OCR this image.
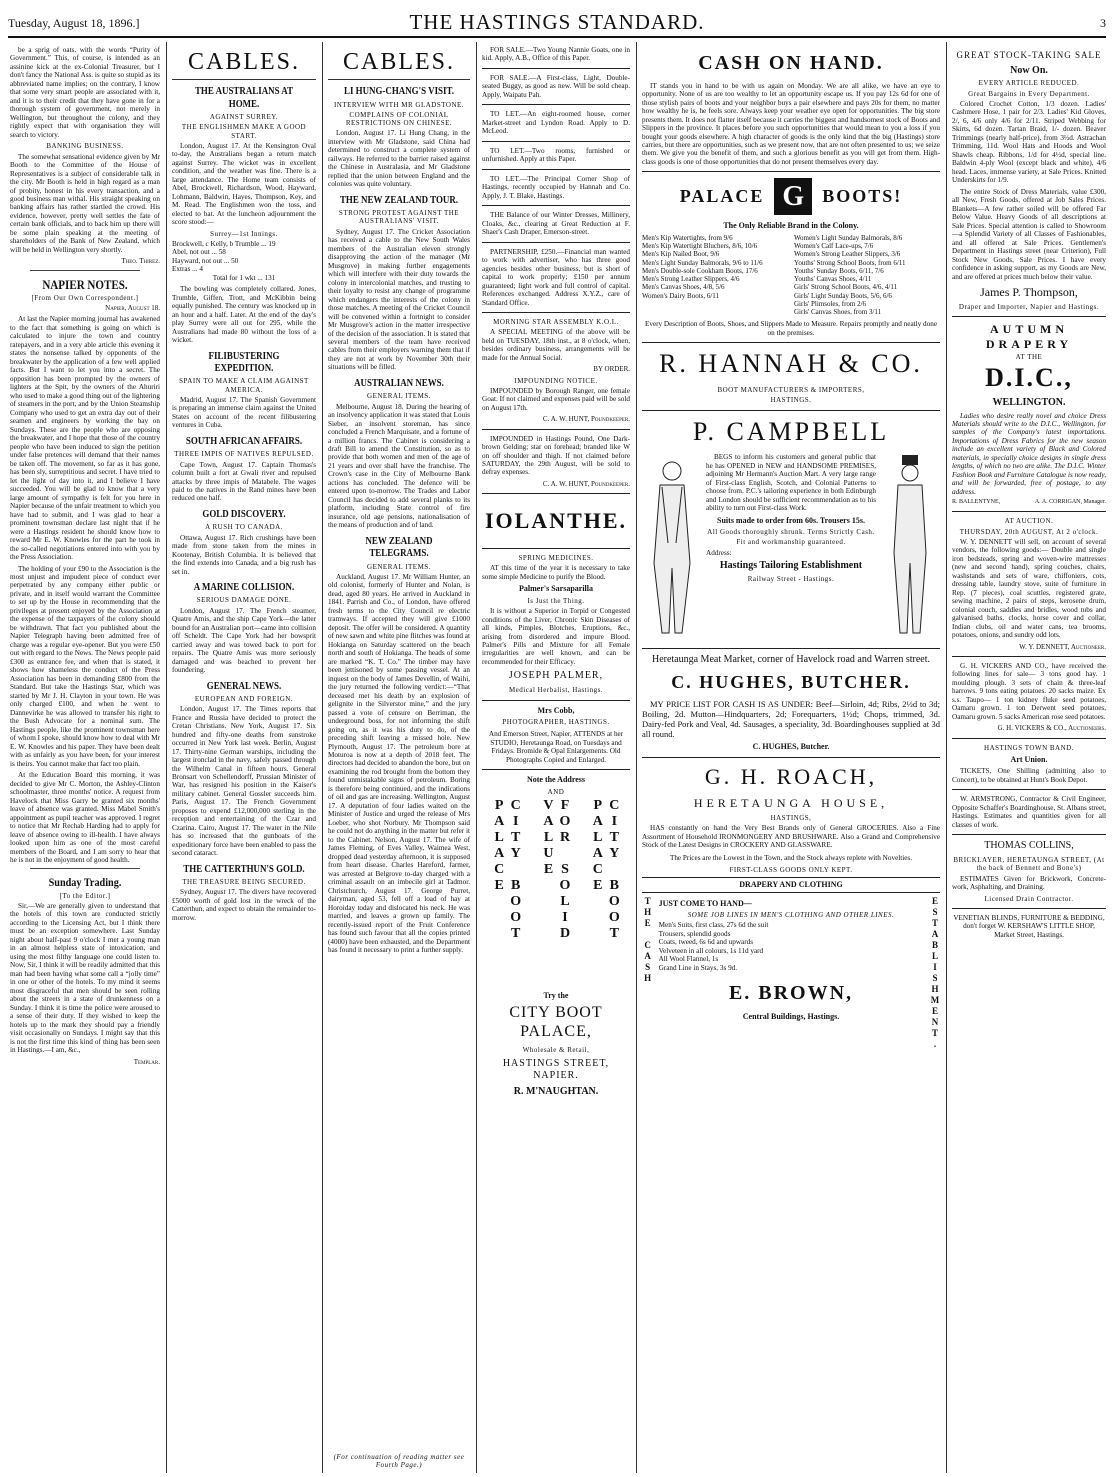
Tuesday, August 18, 1896.]	THE HASTINGS STANDARD.	3

be a sprig of oats, with the words “Purity of Government.” This, of course, is intended as an assinine kick at the ex-Colonial Treasurer, but I don't fancy the National Ass. is quite so stupid as its abbreviated name implies; on the contrary, I know that some very smart people are associated with it, and it is to their credit that they have gone in for a thorough system of government, not merely in Wellington, but throughout the colony, and they rightly expect that with organisation they will search to victory.

BANKING BUSINESS.

The somewhat sensational evidence given by Mr Booth to the Committee of the House of Representatives is a subject of considerable talk in the city. Mr Booth is held in high regard as a man of probity, honest in his every transaction, and a good business man withal. His straight speaking on banking affairs has rather startled the crowd. His evidence, however, pretty well settles the fate of certain bank officials, and to back him up there will be some plain speaking at the meeting of shareholders of the Bank of New Zealand, which will be held in Wellington very shortly.

Theo. Thirez.
NAPIER NOTES.
[From Our Own Correspondent.]
Napier, August 18.

At last the Napier morning journal has awakened to the fact that something is going on which is calculated to injure the town and country ratepayers, and in a very able article this evening it states the nonsense talked by opponents of the breakwater by the application of a few well applied facts. But I want to let you into a secret. The opposition has been prompted by the owners of lighters at the Spit, by the owners of the Ahuriri who used to make a good thing out of the lightering of steamers in the port, and by the Union Steamship Company who used to get an extra day out of their seamen and engineers by working the bay on Sundays. These are the people who are opposing the breakwater, and I hope that those of the country people who have been induced to sign the petition under false pretences will demand that their names be taken off. The movement, so far as it has gone, has been sly, surreptitious and secret. I have tried to let the light of day into it, and I believe I have succeeded. You will be glad to know that a very large amount of sympathy is felt for you here in Napier because of the unfair treatment to which you have had to submit, and I was glad to hear a prominent townsman declare last night that if he were a Hastings resident he should know how to reward Mr E. W. Knowles for the part he took in the so-called negotiations entered into with you by the Press Association.

The holding of your £90 to the Association is the most unjust and impudent piece of conduct ever perpetrated by any company either public or private, and in itself would warrant the Committee to set up by the House in recommending that the privileges at present enjoyed by the Association at the expense of the taxpayers of the colony should be withdrawn. That fact you published about the Napier Telegraph having been admitted free of charge was a regular eye-opener. But you were £50 out with regard to the News. The News people paid £300 as entrance fee, and when that is stated, it shows how shameless the conduct of the Press Association has been in demanding £800 from the Standard. But take the Hastings Star, which was started by Mr J. H. Clayton in your town. He was only charged £100, and when he went to Dannevirke he was allowed to transfer his right to the Bush Advocate for a nominal sum. The Hastings people, like the prominent townsman here of whom I spoke, should know how to deal with Mr E. W. Knowles and his paper. They have been dealt with as unfairly as you have been, for your interest is theirs. You cannot make that fact too plain.

At the Education Board this morning, it was decided to give Mr C. Morton, the Ashley-Clinton schoolmaster, three months' notice. A request from Havelock that Miss Garry be granted six months' leave of absence was granted. Miss Mabel Smith's appointment as pupil teacher was approved. I regret to notice that Mr Rechab Harding had to apply for leave of absence owing to ill-health. I have always looked upon him as one of the most careful members of the Board, and I am sorry to hear that he is not in the enjoyment of good health.

Sunday Trading.
[To the Editor.]

Sir,—We are generally given to understand that the hotels of this town are conducted strictly according to the Licensing Act, but I think there must be an exception somewhere. Last Sunday night about half-past 9 o'clock I met a young man in an almost helpless state of intoxication, and using the most filthy language one could listen to. Now, Sir, I think it will be readily admitted that this man had been having what some call a “jolly time” in one or other of the hotels. To my mind it seems most disgraceful that men should be seen rolling about the streets in a state of drunkenness on a Sunday. I think it is time the police were aroused to a sense of their duty. If they wished to keep the hotels up to the mark they should pay a friendly visit occasionally on Sundays. I might say that this is not the first time this kind of thing has been seen in Hastings.—I am, &c.,

Templar.
CABLES.
THE AUSTRALIANS AT HOME.
AGAINST SURREY.
THE ENGLISHMEN MAKE A GOOD START.

London, August 17. At the Kensington Oval to-day, the Australians began a return match against Surrey. The wicket was in excellent condition, and the weather was fine. There is a large attendance. The Home team consists of Abel, Brockwell, Richardson, Wood, Hayward, Lohmann, Baldwin, Hayes, Thompson, Key, and M. Read. The Englishmen won the toss, and elected to bat. At the luncheon adjournment the score stood:—

Surrey—1st Innings.
Brockwell, c Kelly, b Trumble ... 19
Abel, not out ... 58
Hayward, not out ... 50
Extras ... 4
Total for 1 wkt ... 131

The bowling was completely collared. Jones, Trumble, Giffen, Trott, and McKibbin being equally punished. The century was knocked up in an hour and a half. Later. At the end of the day's play Surrey were all out for 295, while the Australians had made 80 without the loss of a wicket.

FILIBUSTERING EXPEDITION.
SPAIN TO MAKE A CLAIM AGAINST AMERICA.

Madrid, August 17. The Spanish Government is preparing an immense claim against the United States on account of the recent filibustering ventures in Cuba.

SOUTH AFRICAN AFFAIRS.
THREE IMPIS OF NATIVES REPULSED.

Cape Town, August 17. Captain Thomas's column built a fort at Gwali river and repulsed attacks by three impis of Matabele. The wages paid to the natives in the Rand mines have been reduced one half.

GOLD DISCOVERY.
A RUSH TO CANADA.

Ottawa, August 17. Rich crushings have been made from stone taken from the mines in Kootenay, British Columbia. It is believed that the find extends into Canada, and a big rush has set in.

A MARINE COLLISION.
SERIOUS DAMAGE DONE.

London, August 17. The French steamer, Quatre Amis, and the ship Cape York—the latter bound for an Australian port—came into collision off Scheldt. The Cape York had her bowsprit carried away and was towed back to port for repairs. The Quatre Amis was more seriously damaged and was beached to prevent her foundering.

GENERAL NEWS.
EUROPEAN AND FOREIGN.

London, August 17. The Times reports that France and Russia have decided to protect the Cretan Christians. New York, August 17. Six hundred and fifty-one deaths from sunstroke occurred in New York last week. Berlin, August 17. Thirty-nine German warships, including the largest ironclad in the navy, safely passed through the Wilhelm Canal in fifteen hours. General Bronsart von Schellendorff, Prussian Minister of War, has resigned his position in the Kaiser's military cabinet. General Gossler succeeds him. Paris, August 17. The French Government proposes to expend £12,000,000 sterling in the reception and entertaining of the Czar and Czarina. Cairo, August 17. The water in the Nile has so increased that the gunboats of the expeditionary force have been enabled to pass the second cataract.

THE CATTERTHUN'S GOLD.
THE TREASURE BEING SECURED.

Sydney, August 17. The divers have recovered £5000 worth of gold lost in the wreck of the Catterthun, and expect to obtain the remainder to-morrow.

CABLES.
LI HUNG-CHANG'S VISIT.
INTERVIEW WITH MR GLADSTONE.
COMPLAINS OF COLONIAL RESTRICTIONS ON CHINESE.

London, August 17. Li Hung Chang, in the interview with Mr Gladstone, said China had determined to construct a complete system of railways. He referred to the barrier raised against the Chinese in Australasia, and Mr Gladstone replied that the union between England and the colonies was quite voluntary.

THE NEW ZEALAND TOUR.
STRONG PROTEST AGAINST THE AUSTRALIANS' VISIT.

Sydney, August 17. The Cricket Association has received a cable to the New South Wales members of the Australian eleven strongly disapproving the action of the manager (Mr Musgrove) in making further engagements which will interfere with their duty towards the colony in intercolonial matches, and trusting to their loyalty to resist any change of programme which endangers the interests of the colony in those matches. A meeting of the Cricket Council will be convened within a fortnight to consider Mr Musgrove's action in the matter irrespective of the decision of the association. It is stated that several members of the team have received cables from their employers warning them that if they are not at work by November 30th their situations will be filled.

AUSTRALIAN NEWS.
GENERAL ITEMS.

Melbourne, August 18. During the hearing of an insolvency application it was stated that Louis Sieber, an insolvent storeman, has since concluded a French Marquisate, and a fortune of a million francs. The Cabinet is considering a draft Bill to amend the Constitution, so as to provide that both women and men of the age of 21 years and over shall have the franchise. The Crown's case in the City of Melbourne Bank actions has concluded. The defence will be entered upon to-morrow. The Trades and Labor Council has decided to add several planks to its platform, including State control of fire insurance, old age pensions, nationalisation of the means of production and of land.

NEW ZEALAND TELEGRAMS.
GENERAL ITEMS.

Auckland, August 17. Mr William Hunter, an old colonist, formerly of Hunter and Nolan, is dead, aged 80 years. He arrived in Auckland in 1841. Parrish and Co., of London, have offered fresh terms to the City Council re electric tramways. If accepted they will give £1000 deposit. The offer will be considered. A quantity of new sawn and white pine flitches was found at Hokianga on Saturday scattered on the beach north and south of Hokianga. The heads of some are marked “K. T. Co.” The timber may have been jettisoned by some passing vessel. At an inquest on the body of James Devellin, of Waihi, the jury returned the following verdict:—“That deceased met his death by an explosion of gelignite in the Silverstor mine,” and the jury passed a vote of censure on Berriman, the underground boss, for not informing the shift going on, as it was his duty to do, of the preceding shift leaving a missed hole. New Plymouth, August 17. The petroleum bore at Moturoa is now at a depth of 2018 feet. The directors had decided to abandon the bore, but on examining the rod brought from the bottom they found unmistakable signs of petroleum. Boring is therefore being continued, and the indications of oil and gas are increasing. Wellington, August 17. A deputation of four ladies waited on the Minister of Justice and urged the release of Mrs Loeber, who shot Norbury. Mr Thompson said he could not do anything in the matter but refer it to the Cabinet. Nelson, August 17. The wife of James Fleming, of Eves Valley, Waimea West, dropped dead yesterday afternoon, it is supposed from heart disease. Charles Hareford, farmer, was arrested at Belgrove to-day charged with a criminal assault on an imbecile girl at Tadmor. Christchurch, August 17. George Purret, dairyman, aged 53, fell off a load of hay at Horoiday today and dislocated his neck. He was married, and leaves a grown up family. The recently-issued report of the Fruit Conference has found such favour that all the copies printed (4000) have been exhausted, and the Department has found it necessary to print a further supply.

(For continuation of reading matter see Fourth Page.)

FOR SALE.—Two Young Nannie Goats, one in kid. Apply, A.B., Office of this Paper.

FOR SALE.—A First-class, Light, Double-seated Buggy, as good as new. Will be sold cheap. Apply, Waipatu Pah.

TO LET.—An eight-roomed house, corner Market-street and Lyndon Road. Apply to D. McLeod.

TO LET.—Two rooms, furnished or unfurnished. Apply at this Paper.

TO LET.—The Principal Corner Shop of Hastings, recently occupied by Hannah and Co. Apply, J. T. Blake, Hastings.

THE Balance of our Winter Dresses, Millinery, Cloaks, &c., clearing at Great Reduction at F. Shaer's Cash Draper, Emerson-street.

PARTNERSHIP, £250.—Financial man wanted to work with advertiser, who has three good agencies besides other business, but is short of capital to work properly; £150 per annum guaranteed; light work and full control of capital. References exchanged. Address X.Y.Z., care of Standard Office.

MORNING STAR ASSEMBLY K.O.L.

A SPECIAL MEETING of the above will be held on TUESDAY, 18th inst., at 8 o'clock, when, besides ordinary business, arrangements will be made for the Annual Social.

BY ORDER.
IMPOUNDING NOTICE.

IMPOUNDED by Borough Ranger, one female Goat. If not claimed and expenses paid will be sold on August 17th.

C. A. W. HUNT, Poundkeeper.

IMPOUNDED in Hastings Pound, One Dark-brown Gelding; star on forehead; branded like W on off shoulder and thigh. If not claimed before SATURDAY, the 29th August, will be sold to defray expenses.

C. A. W. HUNT, Poundkeeper.
IOLANTHE.
SPRING MEDICINES.

AT this time of the year it is necessary to take some simple Medicine to purify the Blood.

Palmer's Sarsaparilla
Is Just the Thing.

It is without a Superior in Torpid or Congested conditions of the Liver, Chronic Skin Diseases of all kinds, Pimples, Blotches, Eruptions, &c., arising from disordered and impure Blood. Palmer's Pills and Mixture for all Female irregularities are well known, and can be recommended for their Efficacy.

JOSEPH PALMER,
Medical Herbalist, Hastings.
Mrs Cobb,
PHOTOGRAPHER, HASTINGS.
And Emerson Street, Napier, ATTENDS at her STUDIO, Heretaunga Road, on Tuesdays and Fridays. Bromide & Opal Enlargements. Old Photographs Copied and Enlarged.
Note the Address
AND
CITY BOOT PALACE	FOR SOLID VALUE	CITY BOOT PALACE
Try the
CITY BOOT PALACE,
Wholesale & Retail,
HASTINGS STREET, NAPIER.
R. M'NAUGHTAN.
CASH ON HAND.

IT stands you in hand to be with us again on Monday. We are all alike, we have an eye to opportunity. None of us are too wealthy to let an opportunity escape us. If you pay 12s 6d for one of those stylish pairs of boots and your neighbor buys a pair elsewhere and pays 20s for them, no matter how wealthy he is, he feels sore. Always keep your weather eye open for opportunities. The big store presents them. It does not flatter itself because it carries the biggest and handsomest stock of Boots and Slippers in the province. It places before you such opportunities that would mean to you a loss if you bought your goods elsewhere. A high character of goods is the only kind that the big (Hastings) store carries, but there are opportunities, such as we present now, that are not often presented to us; we seize them. We give you the benefit of them, and such a glorious benefit as you will get from them. High-class goods is one of those opportunities that do not present themselves every day.

PALACE G	BOOTS!
The Only Reliable Brand in the Colony.
Men's Kip Watertights, from 9/6
Men's Kip Watertight Bluchers, 8/6, 10/6
Men's Kip Nailed Boot, 9/6
Men's Light Sunday Balmorals, 9/6 to 11/6
Men's Double-sole Cookham Boots, 17/6
Men's Strong Leather Slippers, 4/6
Men's Canvas Shoes, 4/8, 5/6
Women's Dairy Boots, 6/11
Women's Light Sunday Balmorals, 8/6
Women's Calf Lace-ups, 7/6
Women's Strong Leather Slippers, 3/6
Youths' Strong School Boots, from 6/11
Youths' Sunday Boots, 6/11, 7/6
Youths' Canvas Shoes, 4/11
Girls' Strong School Boots, 4/6, 4/11
Girls' Light Sunday Boots, 5/6, 6/6
Girls' Plimsoles, from 2/6
Girls' Canvas Shoes, from 3/11
Every Description of Boots, Shoes, and Slippers Made to Measure. Repairs promptly and neatly done on the premises.
R. HANNAH & CO.
BOOT MANUFACTURERS & IMPORTERS,
HASTINGS.
P. CAMPBELL

BEGS to inform his customers and general public that he has OPENED in NEW and HANDSOME PREMISES, adjoining Mr Hermann's Auction Mart. A very large range of First-class English, Scotch, and Colonial Patterns to choose from. P.C.'s tailoring experience in both Edinburgh and London should be sufficient recommendation as to his ability to turn out First-class Work.

Suits made to order from 60s. Trousers 15s.
All Goods thoroughly shrunk. Terms Strictly Cash.
Fit and workmanship guaranteed.
Address:
Hastings Tailoring Establishment
Railway Street - Hastings.
Heretaunga Meat Market, corner of Havelock road and Warren street.
C. HUGHES, BUTCHER.

MY PRICE LIST FOR CASH IS AS UNDER: Beef—Sirloin, 4d; Ribs, 2½d to 3d; Boiling, 2d. Mutton—Hindquarters, 2d; Forequarters, 1½d; Chops, trimmed, 3d. Dairy-fed Pork and Veal, 4d. Sausages, a speciality, 3d. Boardinghouses supplied at 3d all round.

C. HUGHES, Butcher.
G. H. ROACH,
HERETAUNGA HOUSE,
HASTINGS,

HAS constantly on hand the Very Best Brands only of General GROCERIES. Also a Fine Assortment of Household IRONMONGERY AND BRUSHWARE. Also a Grand and Comprehensive Stock of the Latest Designs in CROCKERY AND GLASSWARE.

The Prices are the Lowest in the Town, and the Stock always replete with Novelties.
FIRST-CLASS GOODS ONLY KEPT.
DRAPERY AND CLOTHING
THE CASH JUST COME TO HAND—
SOME JOB LINES IN MEN'S CLOTHING AND OTHER LINES.
Men's Suits, first class, 27s 6d the suit
Trousers, splendid goods
Coats, tweed, 6s 6d and upwards
Velveteen in all colours, 1s 11d yard
All Wool Flannel, 1s
Grand Line in Stays, 3s 9d.
E. BROWN,
Central Buildings, Hastings.	ESTABLISHMENT.
GREAT STOCK-TAKING SALE
Now On.
EVERY ARTICLE REDUCED.
Great Bargains in Every Department.

Colored Crochet Cotton, 1/3 dozen. Ladies' Cashmere Hose, 1 pair for 2/3. Ladies' Kid Gloves, 2/, 6, 4/6 only 4/6 for 2/11. Striped Webbing for Skirts, 6d dozen. Tartan Braid, 1/- dozen. Beaver Trimmings (nearly half-price), from 3½d. Astrachan Trimming, 11d. Wool Hats and Hoods and Wool Shawls cheap. Ribbons, 1/d for 4½d, special line. Baldwin 4-ply Wool (except black and white), 4/6 head. Laces, immense variety, at Sale Prices. Knitted Underskirts for 1/9.

The entire Stock of Dress Materials, value £300, all New, Fresh Goods, offered at Job Sales Prices. Blankets—A few rather soiled will be offered Far Below Value. Heavy Goods of all descriptions at Sale Prices. Special attention is called to Showroom—a Splendid Variety of all Classes of Fashionables, and all offered at Sale Prices. Gentlemen's Department in Hastings street (near Criterion), Full Stock New Goods, Sale Prices. I have every confidence in asking support, as my Goods are New, and are offered at prices much below their value.

James P. Thompson,
Draper and Importer, Napier and Hastings.
AUTUMN DRAPERY
AT THE
D.I.C.,
WELLINGTON.

Ladies who desire really novel and choice Dress Materials should write to the D.I.C., Wellington, for samples of the Company's latest importations. Importations of Dress Fabrics for the new season include an excellent variety of Black and Colored materials, in specially choice designs in single dress lengths, of which no two are alike. The D.I.C. Winter Fashion Book and Furniture Catalogue is now ready, and will be forwarded, free of postage, to any address.

R. BALLENTYNE,	A. A. CORRIGAN, Manager.
AT AUCTION.
THURSDAY, 20th AUGUST, At 2 o'clock.

W. Y. DENNETT will sell, on account of several vendors, the following goods:— Double and single iron bedsteads, spring and woven-wire mattresses (new and second hand), spring couches, chairs, washstands and sets of ware, chiffoniers, cots, dressing table, laundry stove, suite of furniture in Rep. (7 pieces), coal scuttles, registered grate, sewing machine, 2 pairs of steps, kerosene drum, colonial couch, saddles and bridles, wood tubs and galvanised baths, clocks, horse cover and collar, Indian clubs, oil and water cans, tea brooms, potatoes, onions, and sundry odd lots.

W. Y. DENNETT, Auctioneer.

G. H. VICKERS AND CO., have received the following lines for sale— 3 tons good hay. 1 moulding plough. 3 sets of chain & three-leaf harrows. 9 tons eating potatoes. 20 sacks maize. Ex s.s. Taupo— 1 ton kidney fluke seed potatoes, Oamaru grown. 1 ton Derwent seed potatoes, Oamaru grown. 5 sacks American rose seed potatoes.

G. H. VICKERS & CO., Auctioneers.
HASTINGS TOWN BAND.
Art Union.

TICKETS, One Shilling (admitting also to Concert), to be obtained at Hunt's Book Depot.

W. ARMSTRONG, Contractor & Civil Engineer, Opposite Schaffer's Boardinghouse, St. Albans street, Hastings. Estimates and quantities given for all classes of work.

THOMAS COLLINS,
BRICKLAYER, HERETAUNGA STREET, (At the back of Bennett and Bone's)

ESTIMATES Given for Brickwork, Concrete-work, Asphalting, and Draining.

Licensed Drain Contractor.
VENETIAN BLINDS, FURNITURE & BEDDING, don't forget W. KERSHAW'S LITTLE SHOP, Market Street, Hastings.
